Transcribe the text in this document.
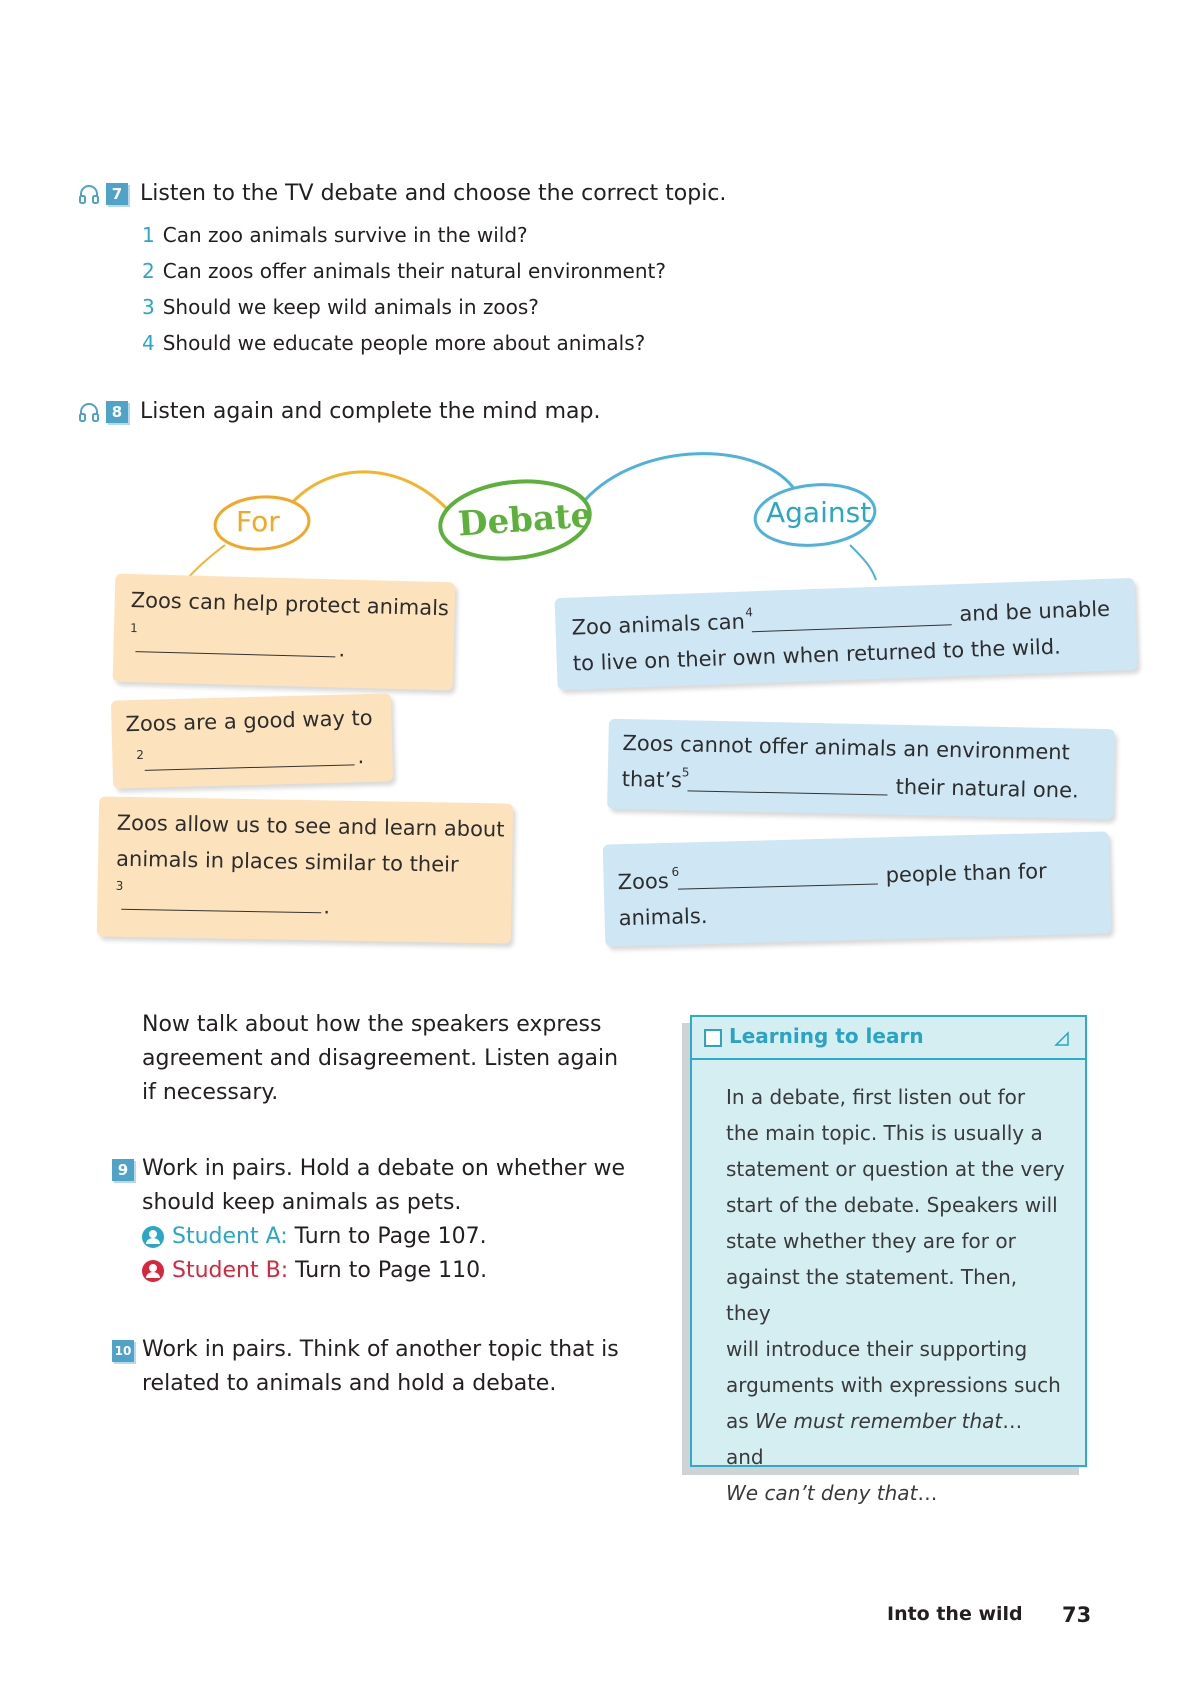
7 Listen to the TV debate and choose the correct topic.
1 Can zoo animals survive in the wild?
2 Can zoos offer animals their natural environment?
3 Should we keep wild animals in zoos?
4 Should we educate people more about animals?
8 Listen again and complete the mind map.
For	Debate	Against
Zoos can help protect animals
1
.
Zoos are a good way to
2	.
Zoos allow us to see and learn about
animals in places similar to their
3
.
Zoo animals can 4	and be unable
to live on their own when returned to the wild.
Zoos cannot offer animals an environment
that’s 5
their natural one.
Zoos 6	people than for
animals.
Now talk about how the speakers express
agreement and disagreement. Listen again
if necessary.
9 Work in pairs. Hold a debate on whether we
should keep animals as pets.
Student A:
Turn to Page 107.
Student B:
Turn to Page 110.
10 Work in pairs. Think of another topic that is
related to animals and hold a debate.
Learning to learn
In a debate, first listen out for
the main topic. This is usually a
statement or question at the very
start of the debate. Speakers will
state whether they are for or
against the statement. Then, they
will introduce their supporting
arguments with expressions such
as We must remember that… and
We can’t deny that…
Into the wild 73
